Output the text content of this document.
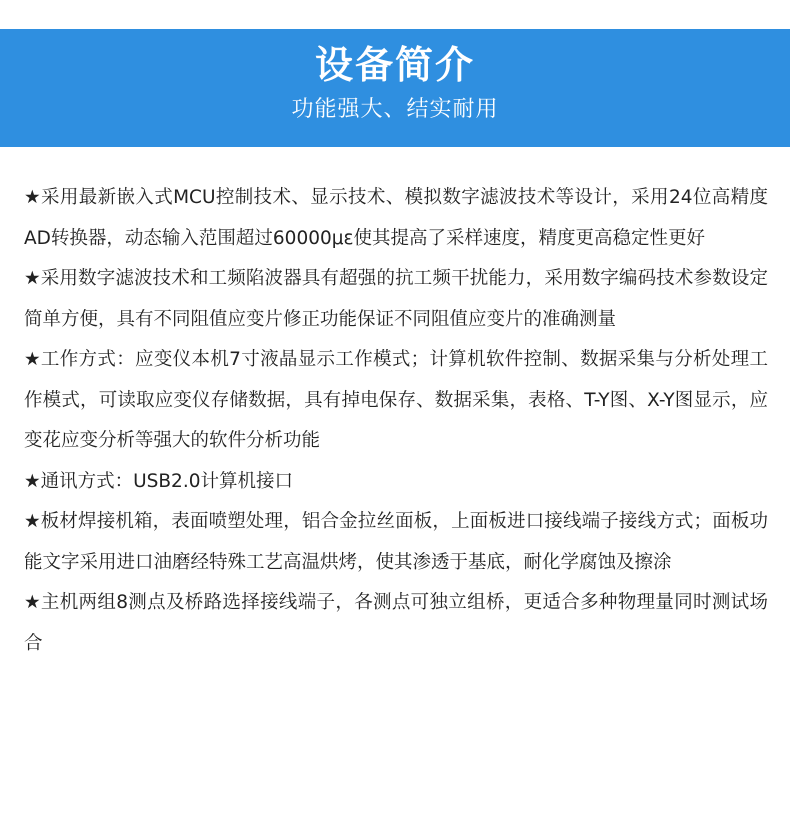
设备简介
功能强大、结实耐用

★采用最新嵌入式MCU控制技术、显示技术、模拟数字滤波技术等设计，采用24位高精度AD转换器，动态输入范围超过60000με使其提高了采样速度，精度更高稳定性更好

★采用数字滤波技术和工频陷波器具有超强的抗工频干扰能力，采用数字编码技术参数设定简单方便，具有不同阻值应变片修正功能保证不同阻值应变片的准确测量

★工作方式：应变仪本机7寸液晶显示工作模式；计算机软件控制、数据采集与分析处理工作模式，可读取应变仪存储数据，具有掉电保存、数据采集，表格、T-Y图、X-Y图显示，应变花应变分析等强大的软件分析功能

★通讯方式：USB2.0计算机接口

★板材焊接机箱，表面喷塑处理，铝合金拉丝面板，上面板进口接线端子接线方式；面板功能文字采用进口油磨经特殊工艺高温烘烤，使其渗透于基底，耐化学腐蚀及擦涂

★主机两组8测点及桥路选择接线端子，各测点可独立组桥，更适合多种物理量同时测试场合
